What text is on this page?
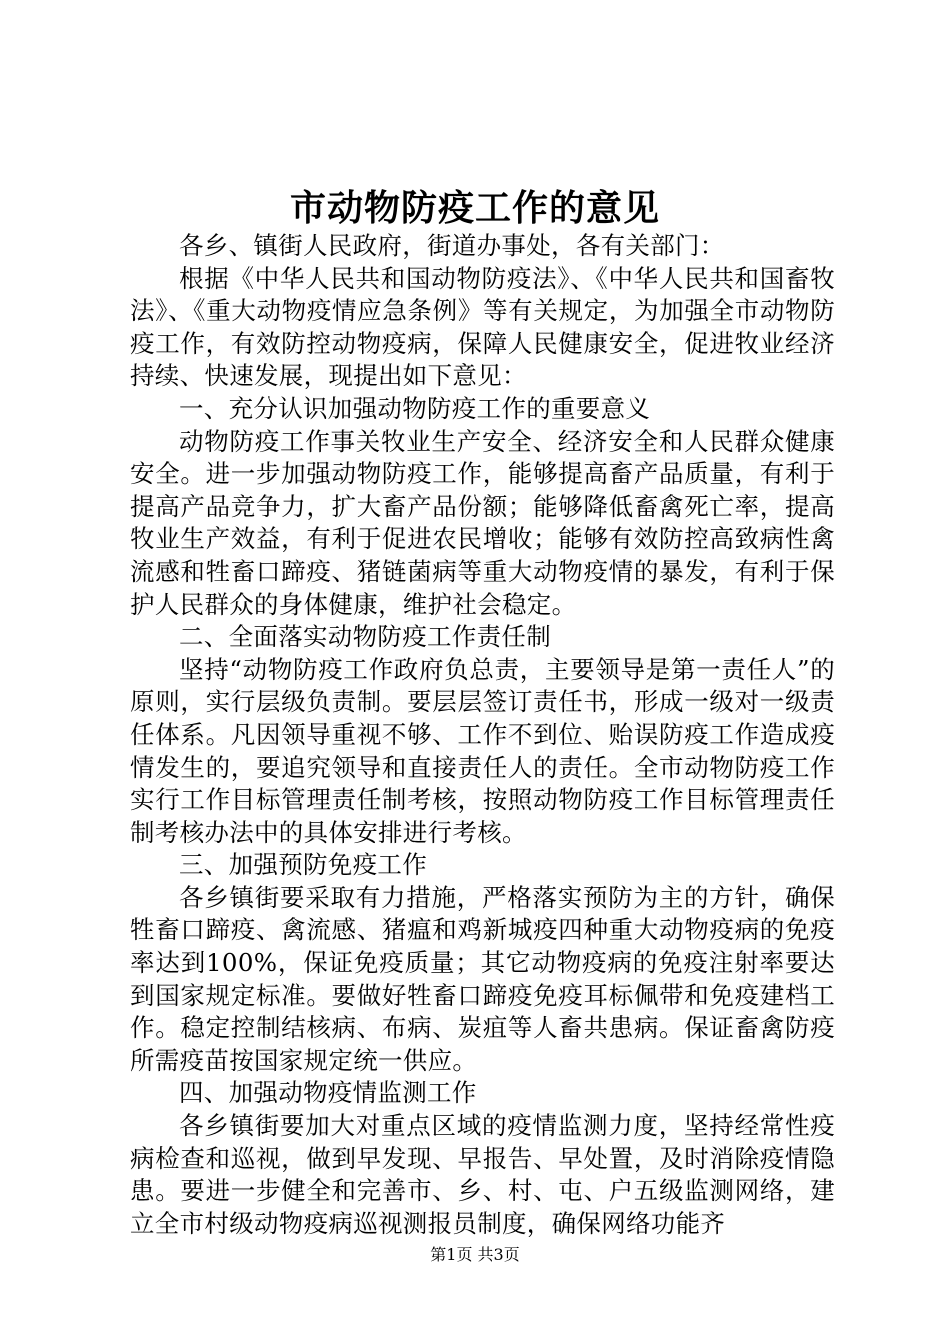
市动物防疫工作的意见

各乡、镇街人民政府，街道办事处，各有关部门：

根据《中华人民共和国动物防疫法》、《中华人民共和国畜牧法》、《重大动物疫情应急条例》等有关规定，为加强全市动物防疫工作，有效防控动物疫病，保障人民健康安全，促进牧业经济持续、快速发展，现提出如下意见：

一、充分认识加强动物防疫工作的重要意义

动物防疫工作事关牧业生产安全、经济安全和人民群众健康安全。进一步加强动物防疫工作，能够提高畜产品质量，有利于提高产品竞争力，扩大畜产品份额；能够降低畜禽死亡率，提高牧业生产效益，有利于促进农民增收；能够有效防控高致病性禽流感和牲畜口蹄疫、猪链菌病等重大动物疫情的暴发，有利于保护人民群众的身体健康，维护社会稳定。

二、全面落实动物防疫工作责任制

坚持“动物防疫工作政府负总责，主要领导是第一责任人”的原则，实行层级负责制。要层层签订责任书，形成一级对一级责任体系。凡因领导重视不够、工作不到位、贻误防疫工作造成疫情发生的，要追究领导和直接责任人的责任。全市动物防疫工作实行工作目标管理责任制考核，按照动物防疫工作目标管理责任制考核办法中的具体安排进行考核。

三、加强预防免疫工作

各乡镇街要采取有力措施，严格落实预防为主的方针，确保牲畜口蹄疫、禽流感、猪瘟和鸡新城疫四种重大动物疫病的免疫率达到100%，保证免疫质量；其它动物疫病的免疫注射率要达到国家规定标准。要做好牲畜口蹄疫免疫耳标佩带和免疫建档工作。稳定控制结核病、布病、炭疽等人畜共患病。保证畜禽防疫所需疫苗按国家规定统一供应。

四、加强动物疫情监测工作

各乡镇街要加大对重点区域的疫情监测力度，坚持经常性疫病检查和巡视，做到早发现、早报告、早处置，及时消除疫情隐患。要进一步健全和完善市、乡、村、屯、户五级监测网络，建立全市村级动物疫病巡视测报员制度，确保网络功能齐

第1页 共3页
